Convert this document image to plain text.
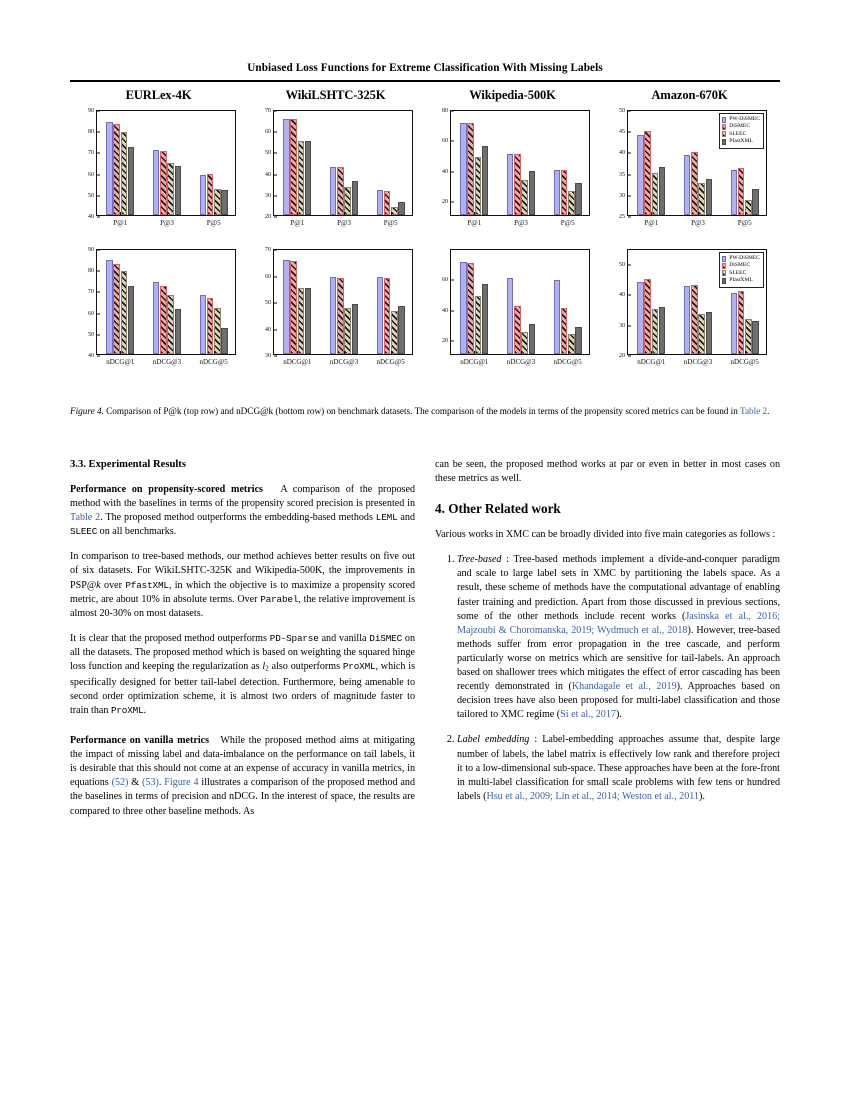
Unbiased Loss Functions for Extreme Classification With Missing Labels
EURLex-4K
40
50
60
70
80
90
P@1	P@3	P@5
WikiLSHTC-325K
20
30
40
50
60
70
P@1	P@3	P@5
Wikipedia-500K
20
40
60
80
P@1	P@3	P@5
Amazon-670K
25
30
35
40
45
50
P@1	P@3	P@5
PW-DiSMEC
DiSMEC
SLEEC
PfastXML
40
50
60
70
80
90
nDCG@1	nDCG@3	nDCG@5
30
40
50
60
70
nDCG@1	nDCG@3	nDCG@5
20
40
60
nDCG@1	nDCG@3	nDCG@5
20
30
40
50
nDCG@1	nDCG@3	nDCG@5
PW-DiSMEC
DiSMEC
SLEEC
PfastXML
Figure 4. Comparison of P@k (top row) and nDCG@k (bottom row) on benchmark datasets. The comparison of the models in terms of the propensity scored metrics can be found in Table 2.
3.3. Experimental Results

Performance on propensity-scored metrics A comparison of the proposed method with the baselines in terms of the propensity scored precision is presented in Table 2. The proposed method outperforms the embedding-based methods LEML and SLEEC on all benchmarks.

In comparison to tree-based methods, our method achieves better results on five out of six datasets. For WikiLSHTC-325K and Wikipedia-500K, the improvements in PSP@k over PfastXML, in which the objective is to maximize a propensity scored metric, are about 10% in absolute terms. Over Parabel, the relative improvement is almost 20-30% on most datasets.

It is clear that the proposed method outperforms PD-Sparse and vanilla DiSMEC on all the datasets. The proposed method which is based on weighting the squared hinge loss function and keeping the regularization as $l_2$ also outperforms ProXML, which is specifically designed for better tail-label detection. Furthermore, being amenable to second order optimization scheme, it is almost two orders of magnitude faster to train than ProXML.

Performance on vanilla metrics While the proposed method aims at mitigating the impact of missing label and data-imbalance on the performance on tail labels, it is desirable that this should not come at an expense of accuracy in vanilla metrics, in equations (52) & (53). Figure 4 illustrates a comparison of the proposed method and the baselines in terms of precision and nDCG. In the interest of space, the results are compared to three other baseline methods. As

can be seen, the proposed method works at par or even in better in most cases on these metrics as well.

4. Other Related work

Various works in XMC can be broadly divided into five main categories as follows :

1. Tree-based : Tree-based methods implement a divide-and-conquer paradigm and scale to large label sets in XMC by partitioning the labels space. As a result, these scheme of methods have the computational advantage of enabling faster training and prediction. Apart from those discussed in previous sections, some of the other methods include recent works (Jasinska et al., 2016; Majzoubi & Choromanska, 2019; Wydmuch et al., 2018). However, tree-based methods suffer from error propagation in the tree cascade, and perform particularly worse on metrics which are sensitive for tail-labels. An approach based on shallower trees which mitigates the effect of error cascading has been recently demonstrated in (Khandagale et al., 2019). Approaches based on decision trees have also been proposed for multi-label classification and those tailored to XMC regime (Si et al., 2017).
2. Label embedding : Label-embedding approaches assume that, despite large number of labels, the label matrix is effectively low rank and therefore project it to a low-dimensional sub-space. These approaches have been at the fore-front in multi-label classification for small scale problems with few tens or hundred labels (Hsu et al., 2009; Lin et al., 2014; Weston et al., 2011).
